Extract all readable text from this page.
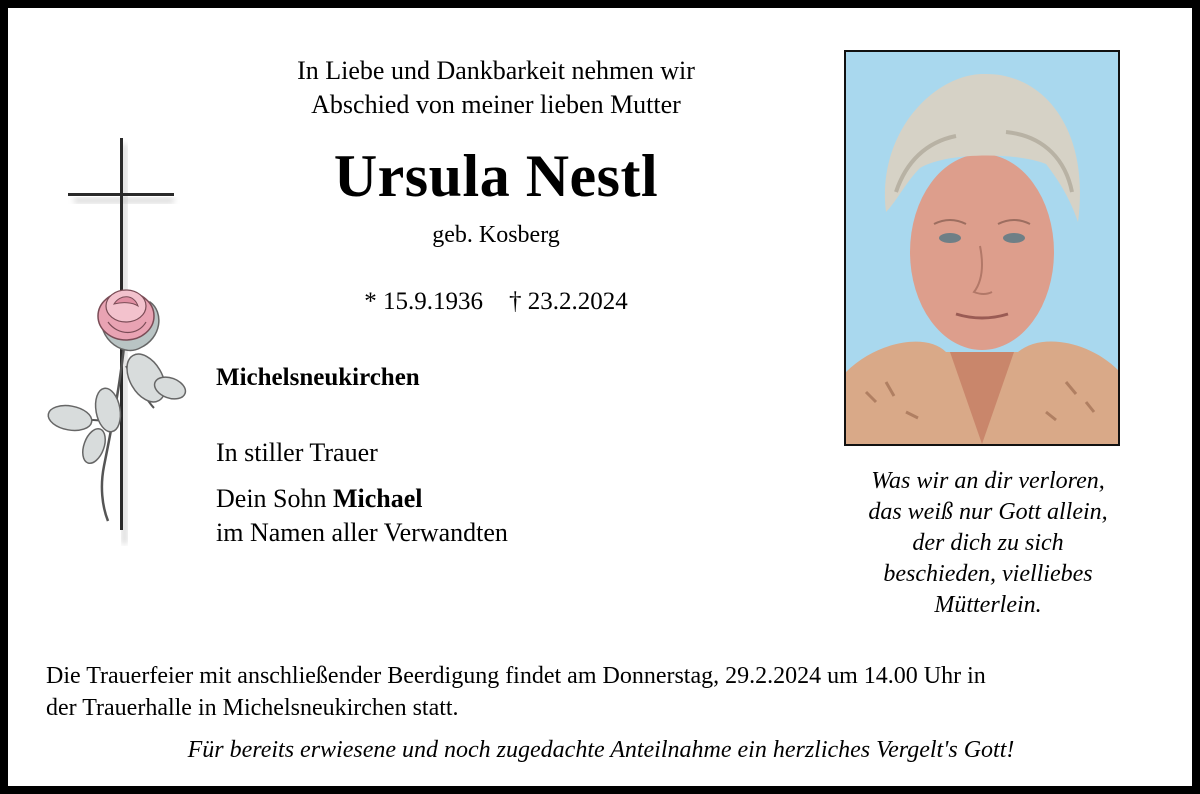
In Liebe und Dankbarkeit nehmen wir
Abschied von meiner lieben Mutter
Ursula Nestl
geb. Kosberg
* 15.9.1936 † 23.2.2024
Michelsneukirchen
In stiller Trauer
Dein Sohn Michael
im Namen aller Verwandten
Was wir an dir verloren,
das weiß nur Gott allein,
der dich zu sich
beschieden, vielliebes
Mütterlein.
Die Trauerfeier mit anschließender Beerdigung findet am Donnerstag, 29.2.2024 um 14.00 Uhr in
der Trauerhalle in Michelsneukirchen statt.
Für bereits erwiesene und noch zugedachte Anteilnahme ein herzliches Vergelt's Gott!
